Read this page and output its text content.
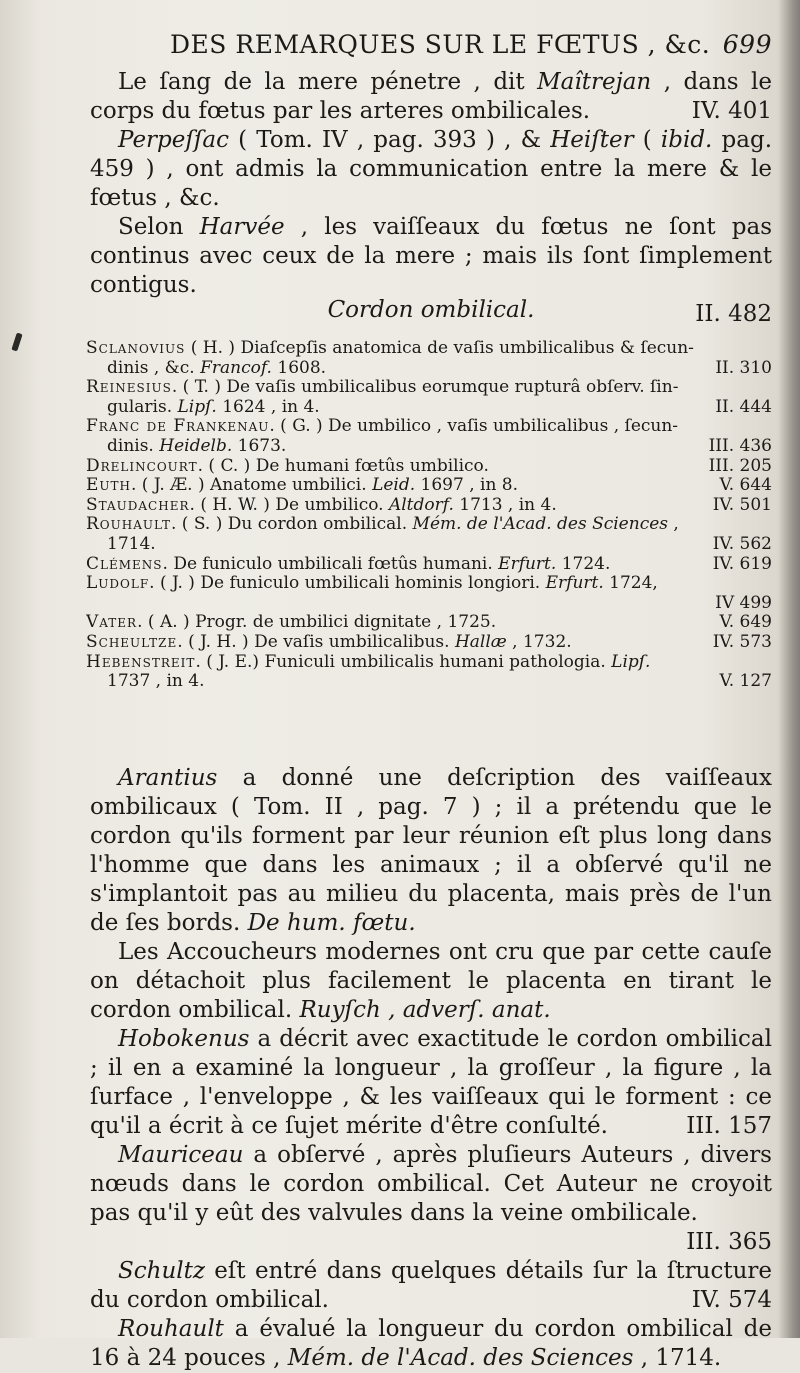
DES REMARQUES SUR LE FŒTUS , &c. 699

Le ſang de la mere pénetre , dit Maîtrejan , dans le corps du fœtus par les arteres ombilicales.	IV. 401

Perpeſſac ( Tom. IV , pag. 393 ) , & Heiſter ( ibid. pag. 459 ) , ont admis la communication entre la mere & le fœtus , &c.

Selon Harvée , les vaiſſeaux du fœtus ne ſont pas continus avec ceux de la mere ; mais ils ſont ſimplement contigus.

II. 482

Cordon ombilical.
Sclanovius ( H. ) Diaſcepſis anatomica de vaſis umbilicalibus & ſecun-
dinis , &c. Francof. 1608.	II. 310
Reinesius. ( T. ) De vaſis umbilicalibus eorumque rupturâ obſerv. ſin-
gularis. Lipſ. 1624 , in 4.	II. 444
Franc de Frankenau. ( G. ) De umbilico , vaſis umbilicalibus , ſecun-
dinis. Heidelb. 1673.	III. 436
Drelincourt. ( C. ) De humani fœtûs umbilico.	III. 205
Euth. ( J. Æ. ) Anatome umbilici. Leid. 1697 , in 8.	V. 644
Staudacher. ( H. W. ) De umbilico. Altdorf. 1713 , in 4.	IV. 501
Rouhault. ( S. ) Du cordon ombilical. Mém. de l'Acad. des Sciences ,
1714.	IV. 562
Clémens. De funiculo umbilicali fœtûs humani. Erfurt. 1724.	IV. 619
Ludolf. ( J. ) De funiculo umbilicali hominis longiori. Erfurt. 1724,
IV 499
Vater. ( A. ) Progr. de umbilici dignitate , 1725.	V. 649
Scheultze. ( J. H. ) De vaſis umbilicalibus. Hallæ , 1732.	IV. 573
Hebenstreit. ( J. E.) Funiculi umbilicalis humani pathologia. Lipſ.
1737 , in 4.	V. 127

Arantius a donné une deſcription des vaiſſeaux ombilicaux ( Tom. II , pag. 7 ) ; il a prétendu que le cordon qu'ils forment par leur réunion eſt plus long dans l'homme que dans les animaux ; il a obſervé qu'il ne s'implantoit pas au milieu du placenta, mais près de l'un de ſes bords. De hum. fœtu.

Les Accoucheurs modernes ont cru que par cette cauſe on détachoit plus facilement le placenta en tirant le cordon ombilical. Ruyſch , adverſ. anat.

Hobokenus a décrit avec exactitude le cordon ombilical ; il en a examiné la longueur , la groſſeur , la figure , la ſurface , l'enveloppe , & les vaiſſeaux qui le forment : ce qu'il a écrit à ce ſujet mérite d'être conſulté.	III. 157

Mauriceau a obſervé , après pluſieurs Auteurs , divers nœuds dans le cordon ombilical. Cet Auteur ne croyoit pas qu'il y eût des valvules dans la veine ombilicale.
III. 365

Schultz eſt entré dans quelques détails ſur la ſtructure du cordon ombilical.	IV. 574

Rouhault a évalué la longueur du cordon ombilical de 16 à 24 pouces , Mém. de l'Acad. des Sciences , 1714.
